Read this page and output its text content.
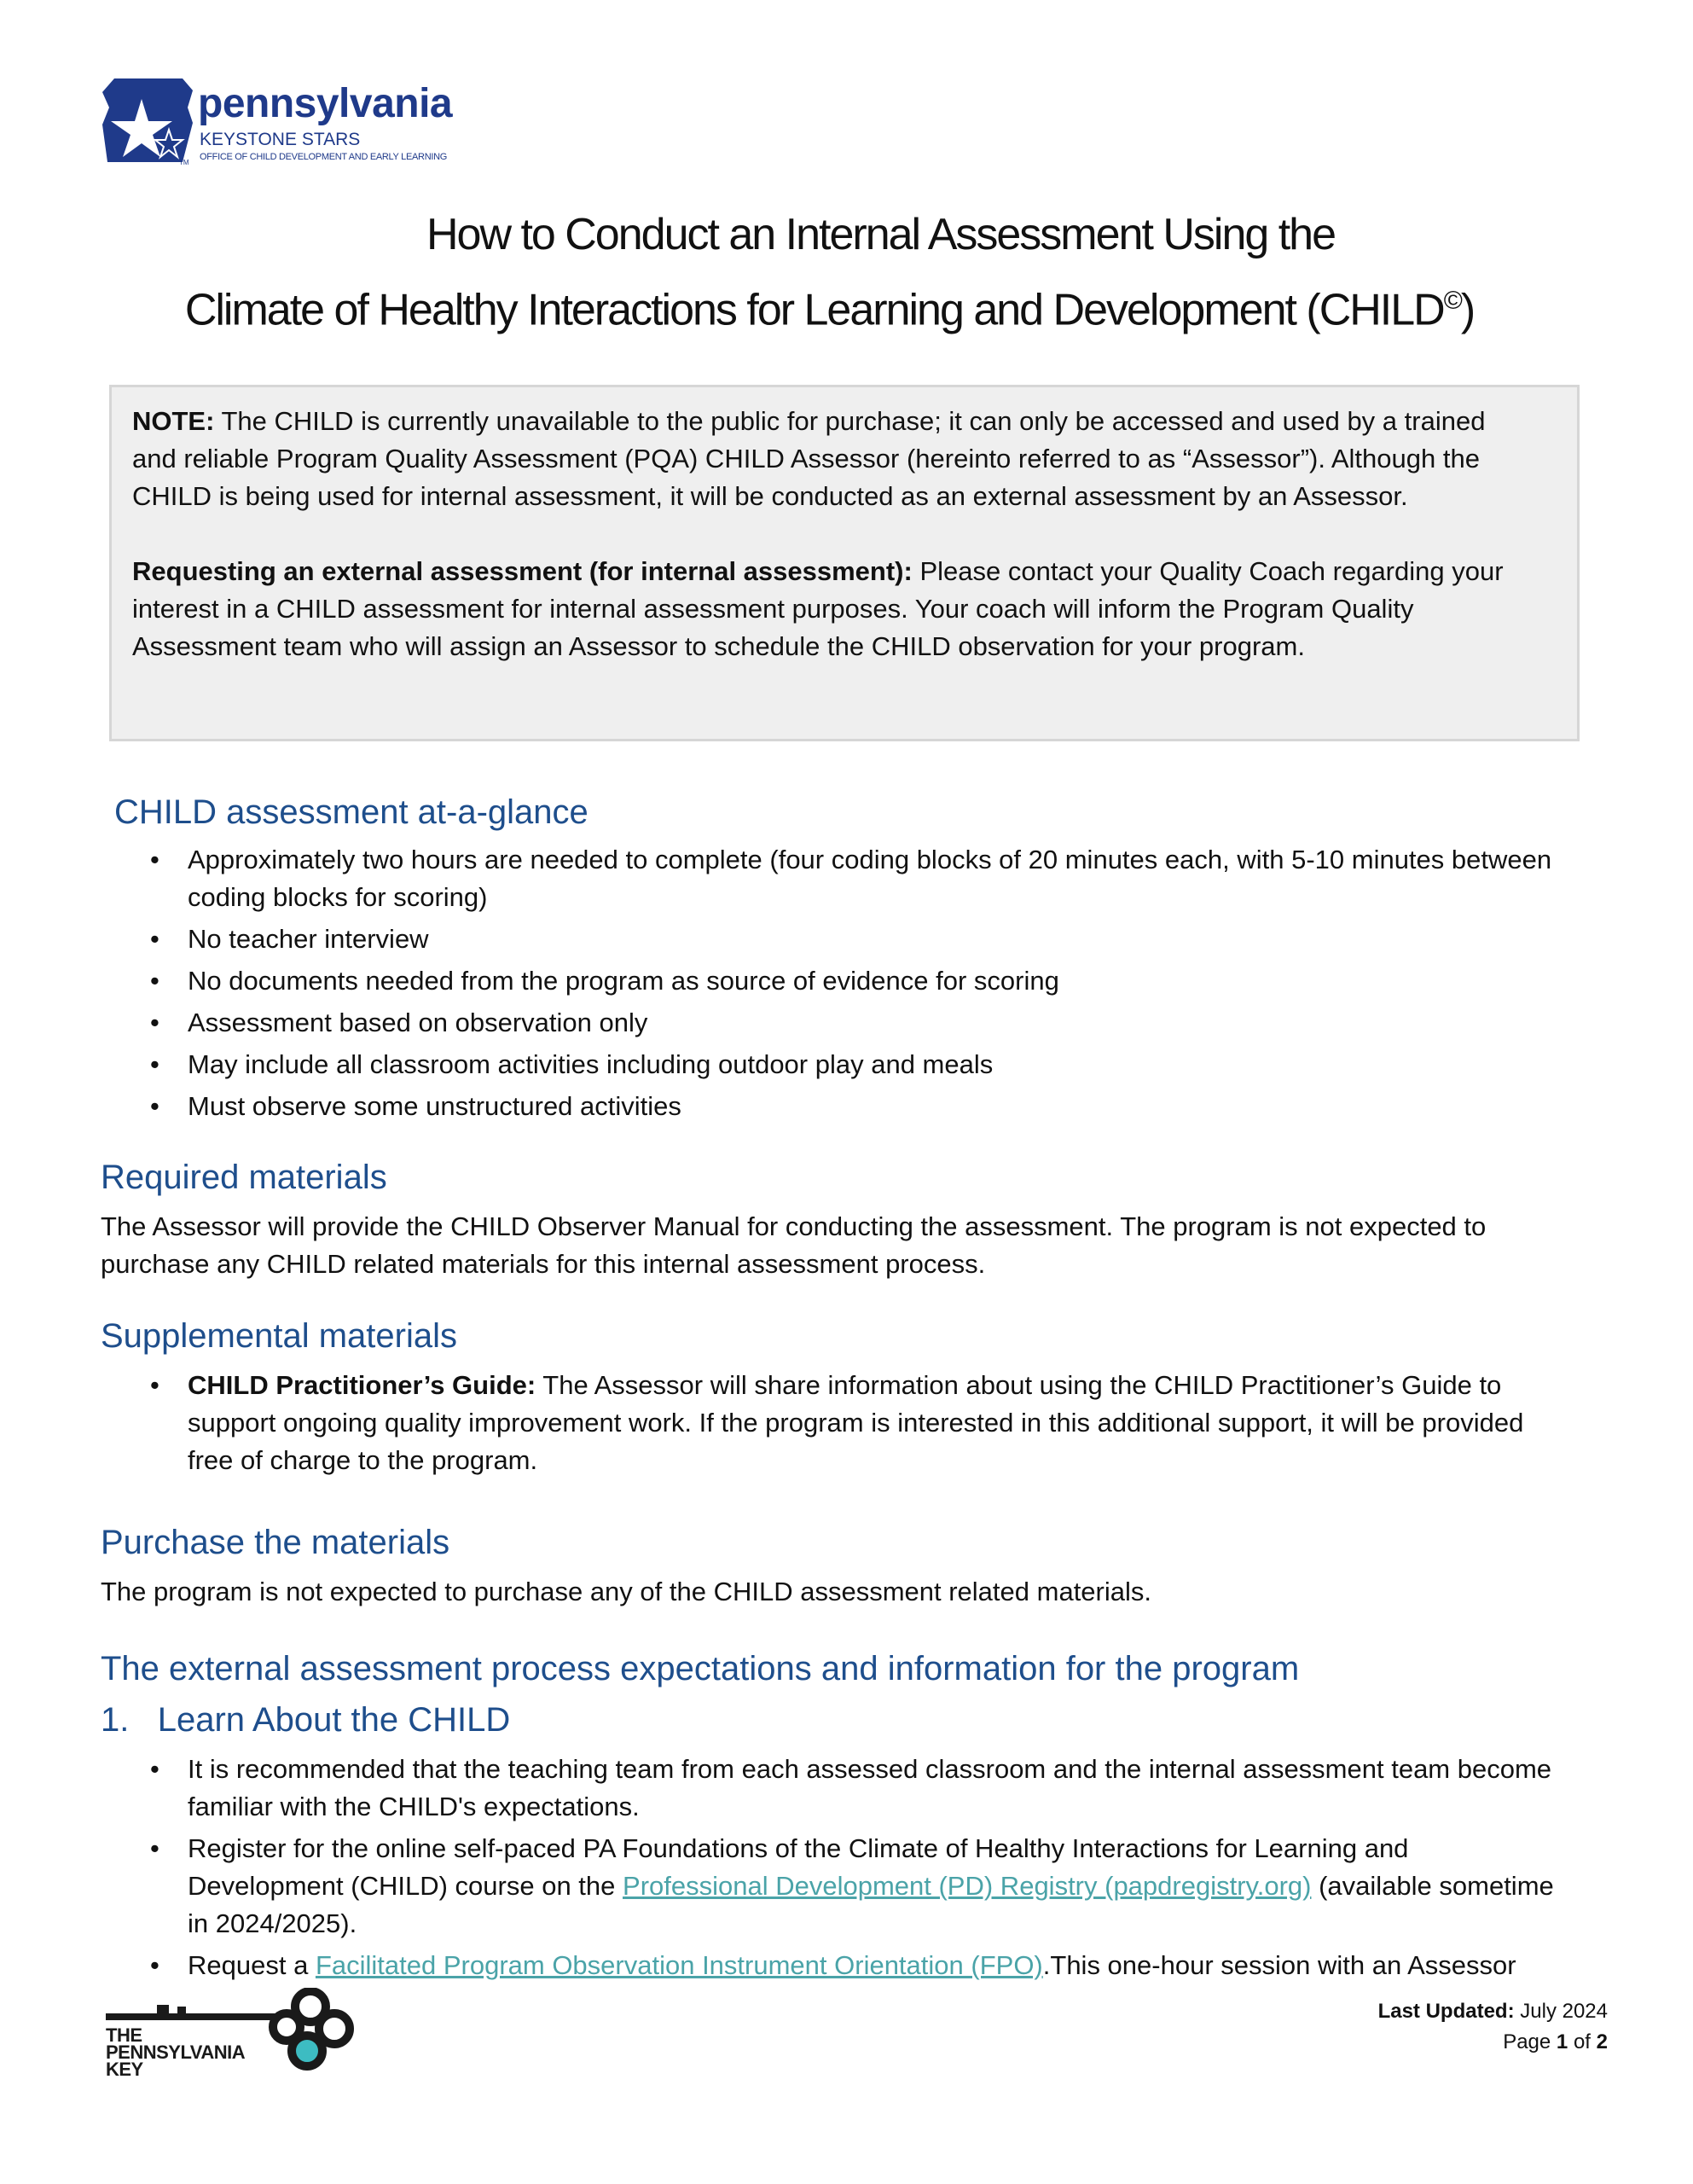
pennsylvania
KEYSTONE STARS
OFFICE OF CHILD DEVELOPMENT AND EARLY LEARNING
TM
How to Conduct an Internal Assessment Using the
Climate of Healthy Interactions for Learning and Development (CHILD©)

NOTE: The CHILD is currently unavailable to the public for purchase; it can only be accessed and used by a trained and reliable Program Quality Assessment (PQA) CHILD Assessor (hereinto referred to as “Assessor”). Although the CHILD is being used for internal assessment, it will be conducted as an external assessment by an Assessor.

Requesting an external assessment (for internal assessment): Please contact your Quality Coach regarding your interest in a CHILD assessment for internal assessment purposes. Your coach will inform the Program Quality Assessment team who will assign an Assessor to schedule the CHILD observation for your program.

CHILD assessment at-a-glance
• Approximately two hours are needed to complete (four coding blocks of 20 minutes each, with 5-10 minutes between coding blocks for scoring)
• No teacher interview
• No documents needed from the program as source of evidence for scoring
• Assessment based on observation only
• May include all classroom activities including outdoor play and meals
• Must observe some unstructured activities
Required materials

The Assessor will provide the CHILD Observer Manual for conducting the assessment. The program is not expected to purchase any CHILD related materials for this internal assessment process.

Supplemental materials
• CHILD Practitioner’s Guide: The Assessor will share information about using the CHILD Practitioner’s Guide to support ongoing quality improvement work. If the program is interested in this additional support, it will be provided free of charge to the program.
Purchase the materials

The program is not expected to purchase any of the CHILD assessment related materials.

The external assessment process expectations and information for the program
1.   Learn About the CHILD
• It is recommended that the teaching team from each assessed classroom and the internal assessment team become familiar with the CHILD's expectations.
• Register for the online self-paced PA Foundations of the Climate of Healthy Interactions for Learning and Development (CHILD) course on the Professional Development (PD) Registry (papdregistry.org) (available sometime in 2024/2025).
• Request a Facilitated Program Observation Instrument Orientation (FPO).This one-hour session with an Assessor
THE
PENNSYLVANIA
KEY
Last Updated: July 2024
Page 1 of 2
